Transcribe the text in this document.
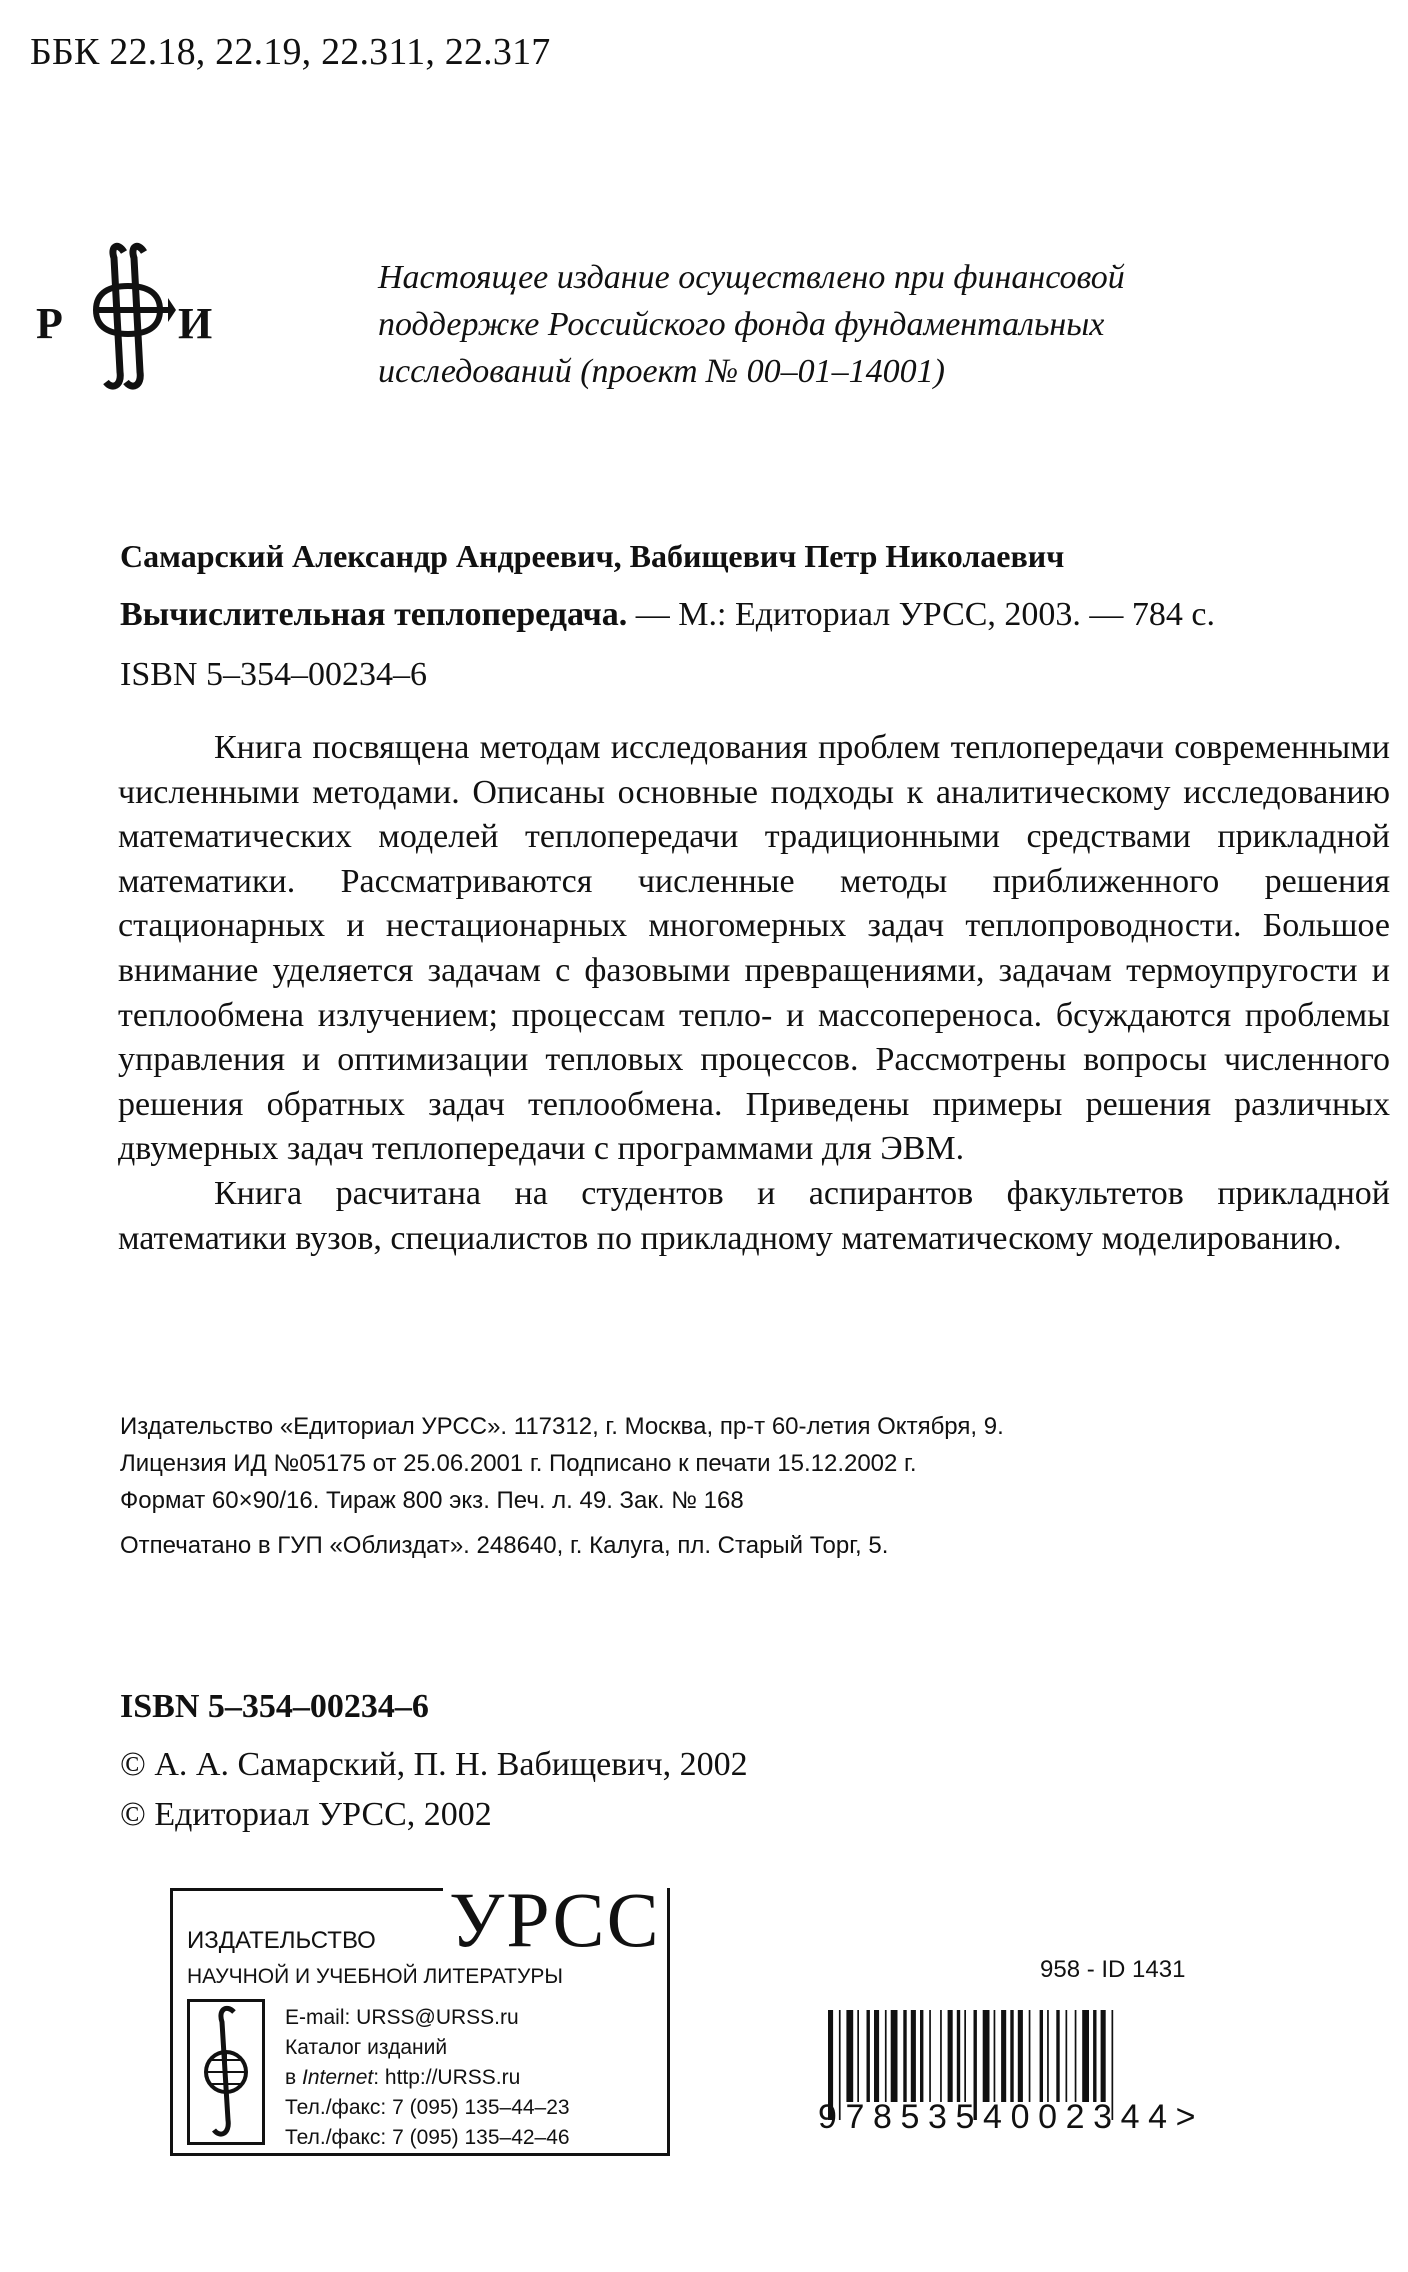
ББК 22.18, 22.19, 22.311, 22.317
Р	И
Настоящее издание осуществлено при финансовой
поддержке Российского фонда фундаментальных
исследований (проект № 00–01–14001)
Самарский Александр Андреевич, Вабищевич Петр Николаевич
Вычислительная теплопередача. — М.: Едиториал УРСС, 2003. — 784 с.
ISBN 5–354–00234–6

Книга посвящена методам исследования проблем теплопередачи современными численными методами. Описаны основные подходы к аналитическому исследованию математических моделей теплопередачи традиционными средствами прикладной математики. Рассматриваются численные методы приближенного решения стационарных и нестационарных многомерных задач теплопроводности. Большое внимание уделяется задачам с фазовыми превращениями, задачам термоупругости и теплообмена излучением; процессам тепло- и массопереноса. бсуждаются проблемы управления и оптимизации тепловых процессов. Рассмотрены вопросы численного решения обратных задач теплообмена. Приведены примеры решения различных двумерных задач теплопередачи с программами для ЭВМ.

Книга расчитана на студентов и аспирантов факультетов прикладной математики вузов, специалистов по прикладному математическому моделированию.

Издательство «Едиториал УРСС». 117312, г. Москва, пр-т 60-летия Октября, 9.
Лицензия ИД №05175 от 25.06.2001 г. Подписано к печати 15.12.2002 г.
Формат 60×90/16. Тираж 800 экз. Печ. л. 49. Зак. № 168
Отпечатано в ГУП «Облиздат». 248640, г. Калуга, пл. Старый Торг, 5.
ISBN 5–354–00234–6
© А. А. Самарский, П. Н. Вабищевич, 2002
© Едиториал УРСС, 2002
ИЗДАТЕЛЬСТВО УРСС
НАУЧНОЙ И УЧЕБНОЙ ЛИТЕРАТУРЫ
E-mail: URSS@URSS.ru
Каталог изданий
в Internet: http://URSS.ru
Тел./факс: 7 (095) 135–44–23
Тел./факс: 7 (095) 135–42–46
958 - ID 1431
9785354002344>
